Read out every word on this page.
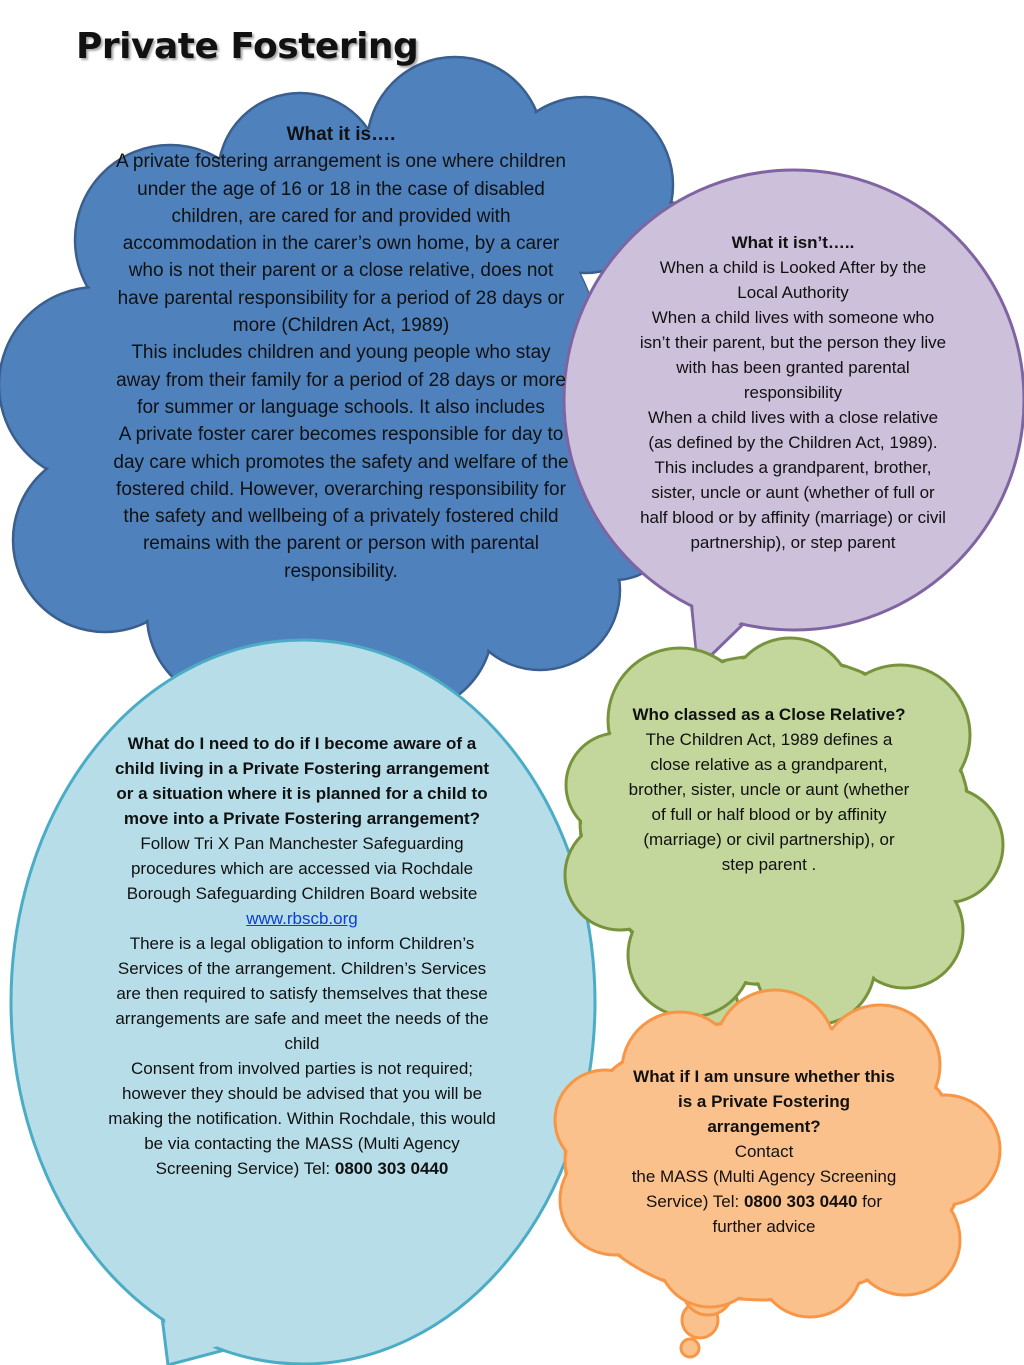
Private Fostering

What it is….

A private fostering arrangement is one where children under the age of 16 or 18 in the case of disabled children, are cared for and provided with accommodation in the carer’s own home, by a carer who is not their parent or a close relative, does not have parental responsibility for a period of 28 days or more (Children Act, 1989)

This includes children and young people who stay away from their family for a period of 28 days or more for summer or language schools. It also includes

A private foster carer becomes responsible for day to day care which promotes the safety and welfare of the fostered child. However, overarching responsibility for the safety and wellbeing of a privately fostered child remains with the parent or person with parental responsibility.

What it isn’t…..

When a child is Looked After by the Local Authority

When a child lives with someone who isn’t their parent, but the person they live with has been granted parental responsibility

When a child lives with a close relative (as defined by the Children Act, 1989). This includes a grandparent, brother, sister, uncle or aunt (whether of full or half blood or by affinity (marriage) or civil partnership), or step parent

Who classed as a Close Relative?

The Children Act, 1989 defines a close relative as a grandparent, brother, sister, uncle or aunt (whether of full or half blood or by affinity (marriage) or civil partnership), or step parent .

What if I am unsure whether this is a Private Fostering arrangement?

Contact

the MASS (Multi Agency Screening Service) Tel: 0800 303 0440 for further advice

What do I need to do if I become aware of a child living in a Private Fostering arrangement or a situation where it is planned for a child to move into a Private Fostering arrangement?

Follow Tri X Pan Manchester Safeguarding procedures which are accessed via Rochdale Borough Safeguarding Children Board website www.rbscb.org

There is a legal obligation to inform Children’s Services of the arrangement. Children’s Services are then required to satisfy themselves that these arrangements are safe and meet the needs of the child

Consent from involved parties is not required; however they should be advised that you will be making the notification. Within Rochdale, this would be via contacting the MASS (Multi Agency Screening Service) Tel: 0800 303 0440
